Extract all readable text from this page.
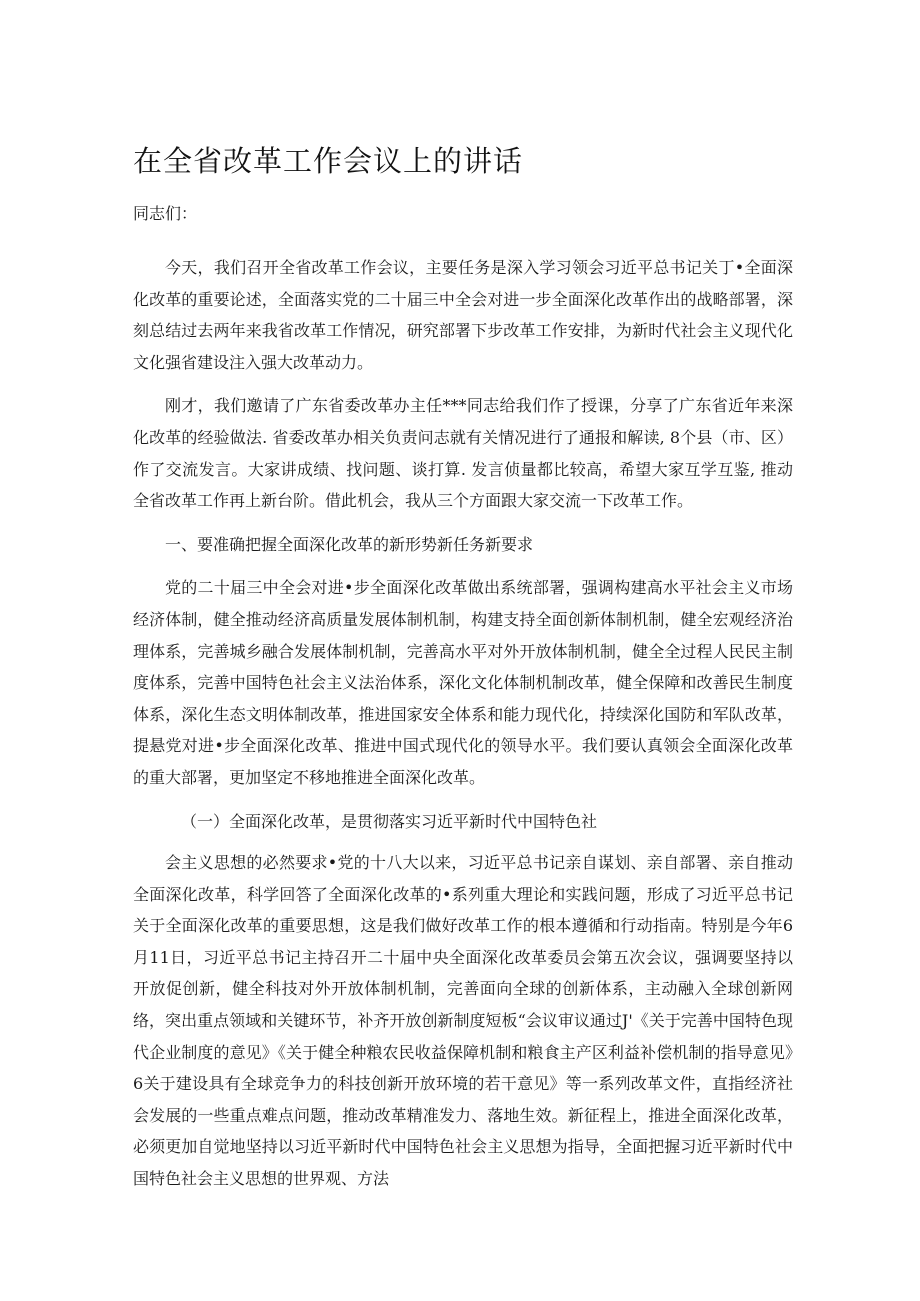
在全省改革工作会议上的讲话

同志们：

今天，我们召开全省改革工作会议，主要任务是深入学习领会习近平总书记关丁•全面深化改革的重要论述，全面落实党的二十届三中全会对进一步全面深化改革作出的战略部署，深刻总结过去两年来我省改革工作情况，研究部署下步改革工作安排，为新时代社会主义现代化文化强省建设注入强大改革动力。

刚才，我们邀请了广东省委改革办主任***同志给我们作了授课，分享了广东省近年来深化改革的经验做法. 省委改革办相关负责问志就有关情况进行了通报和解读, 8个县（市、区）作了交流发言。大家讲成绩、找问题、谈打算. 发言侦量都比较高，希望大家互学互鉴, 推动全省改革工作再上新台阶。借此机会，我从三个方面跟大家交流一下改革工作。

一、要准确把握全面深化改革的新形势新任务新要求

党的二十届三中全会对进•步全面深化改革做出系统部署，强调构建高水平社会主义市场经济体制，健全推动经济高质量发展体制机制，构建支持全面创新体制机制，健全宏观经济治理体系，完善城乡融合发展体制机制，完善高水平对外开放体制机制，健全全过程人民民主制度体系，完善中国特色社会主义法治体系，深化文化体制机制改革，健全保障和改善民生制度体系，深化生态文明体制改革，推进国家安全体系和能力现代化，持续深化国防和军队改革，提悬党对进•步全面深化改革、推进中国式现代化的领导水平。我们要认真领会全面深化改革的重大部署，更加坚定不移地推进全面深化改革。

（一）全面深化改革，是贯彻落实习近平新时代中国特色社

会主义思想的必然要求•党的十八大以来，习近平总书记亲自谋划、亲自部署、亲自推动全面深化改革，科学回答了全面深化改革的•系列重大理论和实践问题，形成了习近平总书记关于全面深化改革的重要思想，这是我们做好改革工作的根本遵循和行动指南。特别是今年6月11日，习近平总书记主持召开二十届中央全面深化改革委员会第五次会议，强调要坚持以开放促创新，健全科技对外开放体制机制，完善面向全球的创新体系，主动融入全球创新网络，突出重点领域和关键环节，补齐开放创新制度短板“会议审议通过J'《关于完善中国特色现代企业制度的意见》《关于健全种粮农民收益保障机制和粮食主产区利益补偿机制的指导意见》6关于建设具有全球竞争力的科技创新开放环境的若干意见》等一系列改革文件，直指经济社会发展的一些重点难点问题，推动改革精准发力、落地生效。新征程上，推进全面深化改革，必须更加自觉地坚持以习近平新时代中国特色社会主义思想为指导，全面把握习近平新时代中国特色社会主义思想的世界观、方法
